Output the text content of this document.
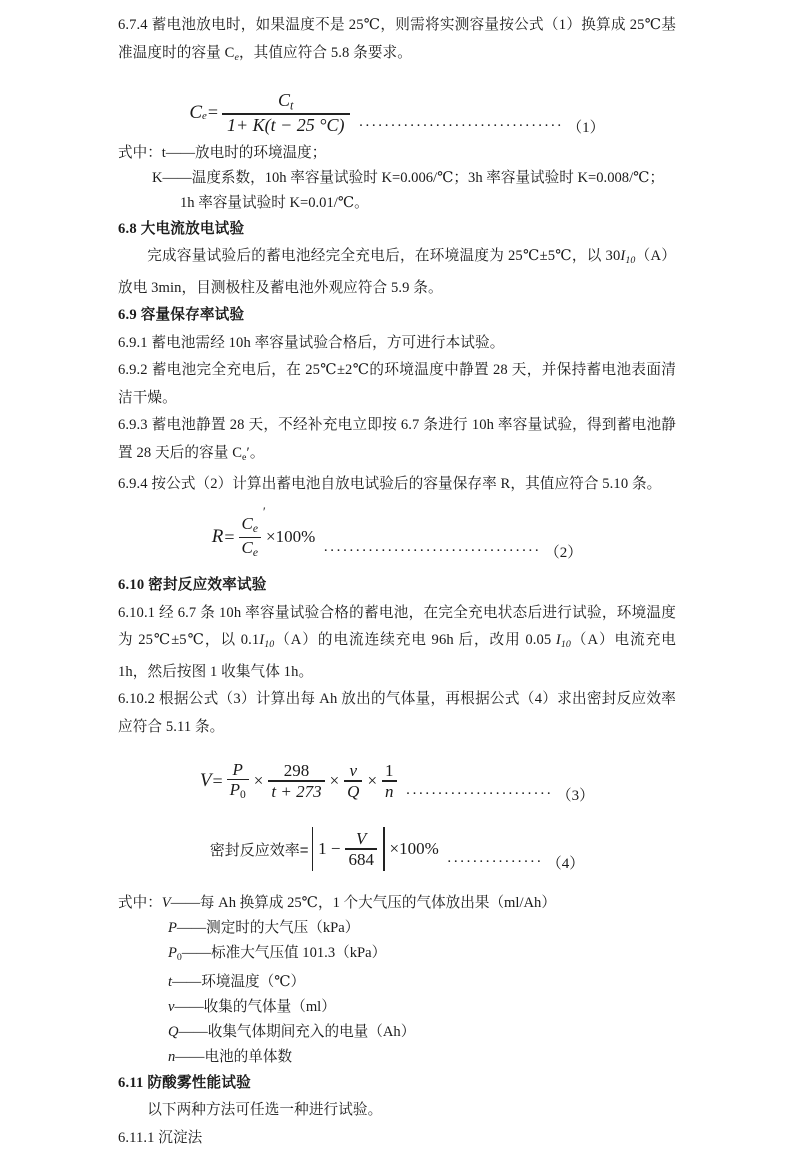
6.7.4 蓄电池放电时，如果温度不是 25℃，则需将实测容量按公式（1）换算成 25℃基准温度时的容量 $C_e$，其值应符合 5.8 条要求。

C $_e = \frac{C_t}{1+ K(t - 25 ^\circ C)}$ ································ （1）

式中：t——放电时的环境温度；

K——温度系数，10h 率容量试验时 K=0.006/℃；3h 率容量试验时 K=0.008/℃；

1h 率容量试验时 K=0.01/℃。

6.8 大电流放电试验

完成容量试验后的蓄电池经完全充电后，在环境温度为 25℃±5℃，以 $30I_{10}(A)$放电 3min，目测极柱及蓄电池外观应符合 5.9 条。

6.9 容量保存率试验

6.9.1 蓄电池需经 10h 率容量试验合格后，方可进行本试验。

6.9.2 蓄电池完全充电后，在 25℃±2℃的环境温度中静置 28 天，并保持蓄电池表面清洁干燥。

6.9.3 蓄电池静置 28 天，不经补充电立即按 6.7 条进行 10h 率容量试验，得到蓄电池静置 28 天后的容量 $C_e'$。

6.9.4 按公式（2）计算出蓄电池自放电试验后的容量保存率 R，其值应符合 5.10 条。

$R = C_e$
′
$C_e \times 100\%$
·································· （2）

6.10 密封反应效率试验

6.10.1 经 6.7 条 10h 率容量试验合格的蓄电池，在完全充电状态后进行试验，环境温度为 25℃±5℃，以 $0.1I_{10}(A)$的电流连续充电 96h 后，改用 0.05 $I_{10}(A)$电流充电 1h，然后按图 1 收集气体 1h。

6.10.2 根据公式（3）计算出每 Ah 放出的气体量，再根据公式（4）求出密封反应效率应符合 5.11 条。

$V = \frac{P}{P_0} \times \frac{298}{t + 273} \times \frac{v}{Q} \times \frac{1}{n}$ ······················· （3）
密封反应效率= $1 - \frac{V}{684} \times 100\%$
··············· （4）

式中：V——每 Ah 换算成 25℃，1 个大气压的气体放出果（ml/Ah）

P——测定时的大气压（kPa）

$P_0——$标准大气压值 101.3（kPa）

t——环境温度（℃）

v——收集的气体量（ml）

Q——收集气体期间充入的电量（Ah）

n——电池的单体数

6.11 防酸雾性能试验

以下两种方法可任选一种进行试验。

6.11.1 沉淀法
